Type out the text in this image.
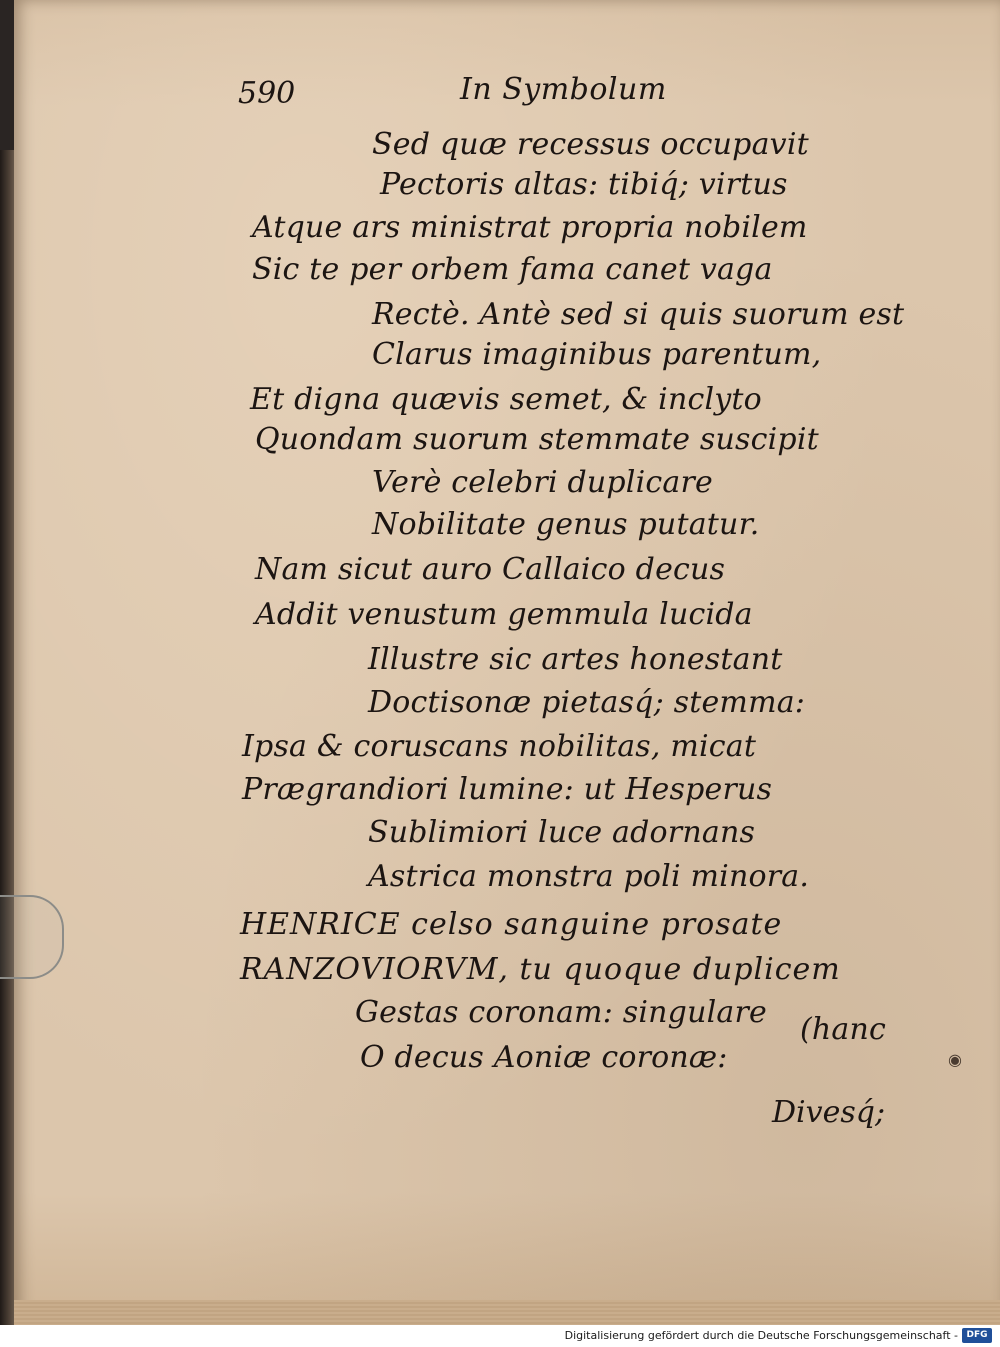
590	In Symbolum
Sed quæ recessus occupavit
Pectoris altas: tibiq́; virtus
Atque ars ministrat propria nobilem
Sic te per orbem fama canet vaga
Rectè. Antè sed si quis suorum est
Clarus imaginibus parentum,
Et digna quævis semet, & inclyto
Quondam suorum stemmate suscipit
Verè celebri duplicare
Nobilitate genus putatur.
Nam sicut auro Callaico decus
Addit venustum gemmula lucida
Illustre sic artes honestant
Doctisonæ pietasq́; stemma:
Ipsa & coruscans nobilitas, micat
Prægrandiori lumine: ut Hesperus
Sublimiori luce adornans
Astrica monstra poli minora.
HENRICE celso sanguine prosate
RANZOVIORVM, tu quoque duplicem
Gestas coronam: singulare (hanc
O decus Aoniæ coronæ:
Divesq́;
◉
Digitalisierung gefördert durch die Deutsche Forschungsgemeinschaft - DFG
